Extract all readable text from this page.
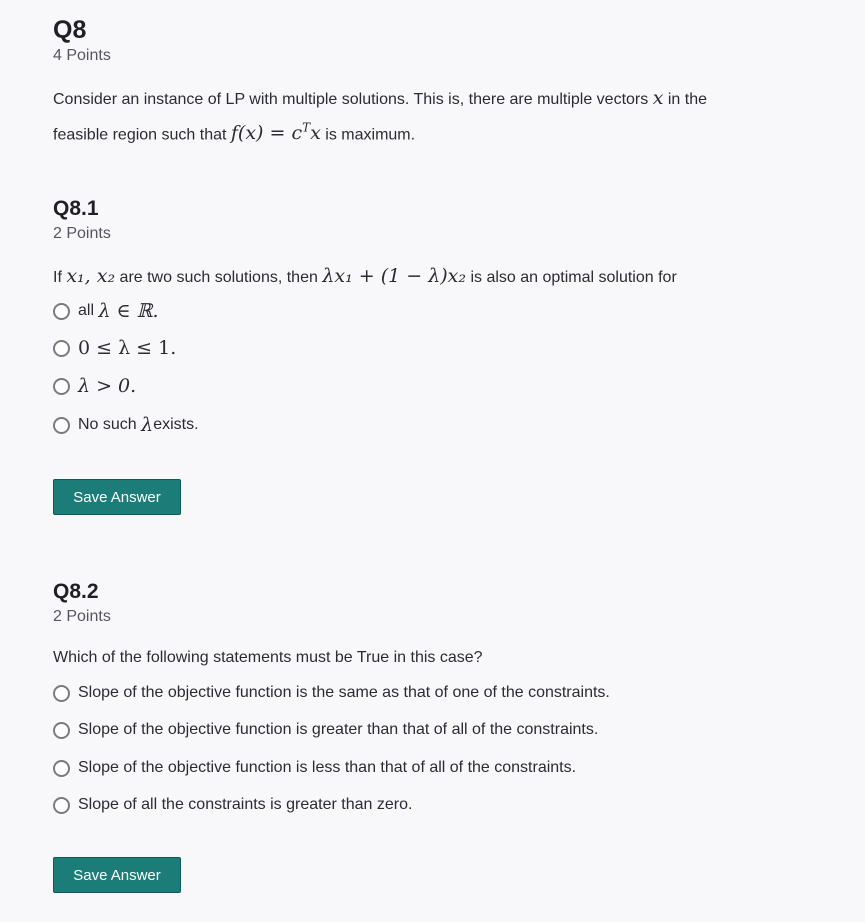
Q8

4 Points

Consider an instance of LP with multiple solutions. This is, there are multiple vectors x in the
feasible region such that $f(x) = c^Tx$ is maximum.

Q8.1

2 Points

If x₁, x₂ are two such solutions, then λx₁ + (1 − λ)x₂ is also an optimal solution for

all
λ ∈ ℝ.
0 ≤ λ ≤ 1.
λ > 0.
No such
λ exists.
Save Answer
Q8.2

2 Points

Which of the following statements must be True in this case?

Slope of the objective function is the same as that of one of the constraints.
Slope of the objective function is greater than that of all of the constraints.
Slope of the objective function is less than that of all of the constraints.
Slope of all the constraints is greater than zero.
Save Answer
